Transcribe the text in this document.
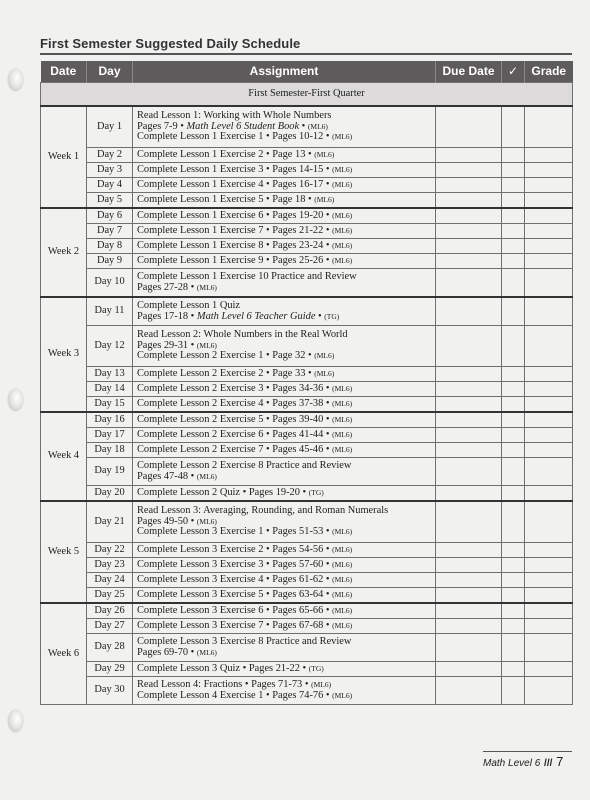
First Semester Suggested Daily Schedule
Date	Day	Assignment	Due Date	✓	Grade
First Semester-First Quarter					
Week 1	Day 1	Read Lesson 1: Working with Whole Numbers
Pages 7-9 • Math Level 6 Student Book • (ML6)
Complete Lesson 1 Exercise 1 • Pages 10-12 • (ML6)			

	Day 2	Complete Lesson 1 Exercise 2 • Page 13 • (ML6)			

	Day 3	Complete Lesson 1 Exercise 3 • Pages 14-15 • (ML6)			

	Day 4	Complete Lesson 1 Exercise 4 • Pages 16-17 • (ML6)			

	Day 5	Complete Lesson 1 Exercise 5 • Page 18 • (ML6)			

Week 2	Day 6	Complete Lesson 1 Exercise 6 • Pages 19-20 • (ML6)			

	Day 7	Complete Lesson 1 Exercise 7 • Pages 21-22 • (ML6)			

	Day 8	Complete Lesson 1 Exercise 8 • Pages 23-24 • (ML6)			

	Day 9	Complete Lesson 1 Exercise 9 • Pages 25-26 • (ML6)			

	Day 10	Complete Lesson 1 Exercise 10 Practice and Review
Pages 27-28 • (ML6)			

Week 3	Day 11	Complete Lesson 1 Quiz
Pages 17-18 • Math Level 6 Teacher Guide • (TG)			

	Day 12	Read Lesson 2: Whole Numbers in the Real World
Pages 29-31 • (ML6)
Complete Lesson 2 Exercise 1 • Page 32 • (ML6)			

	Day 13	Complete Lesson 2 Exercise 2 • Page 33 • (ML6)			

	Day 14	Complete Lesson 2 Exercise 3 • Pages 34-36 • (ML6)			

	Day 15	Complete Lesson 2 Exercise 4 • Pages 37-38 • (ML6)			

Week 4	Day 16	Complete Lesson 2 Exercise 5 • Pages 39-40 • (ML6)			

	Day 17	Complete Lesson 2 Exercise 6 • Pages 41-44 • (ML6)			

	Day 18	Complete Lesson 2 Exercise 7 • Pages 45-46 • (ML6)			

	Day 19	Complete Lesson 2 Exercise 8 Practice and Review
Pages 47-48 • (ML6)			

	Day 20	Complete Lesson 2 Quiz • Pages 19-20 • (TG)			

Week 5	Day 21	Read Lesson 3: Averaging, Rounding, and Roman Numerals
Pages 49-50 • (ML6)
Complete Lesson 3 Exercise 1 • Pages 51-53 • (ML6)			

	Day 22	Complete Lesson 3 Exercise 2 • Pages 54-56 • (ML6)			

	Day 23	Complete Lesson 3 Exercise 3 • Pages 57-60 • (ML6)			

	Day 24	Complete Lesson 3 Exercise 4 • Pages 61-62 • (ML6)			

	Day 25	Complete Lesson 3 Exercise 5 • Pages 63-64 • (ML6)			

Week 6	Day 26	Complete Lesson 3 Exercise 6 • Pages 65-66 • (ML6)			

	Day 27	Complete Lesson 3 Exercise 7 • Pages 67-68 • (ML6)			

	Day 28	Complete Lesson 3 Exercise 8 Practice and Review
Pages 69-70 • (ML6)			

	Day 29	Complete Lesson 3 Quiz • Pages 21-22 • (TG)			

	Day 30	Read Lesson 4: Fractions • Pages 71-73 • (ML6)
Complete Lesson 4 Exercise 1 • Pages 74-76 • (ML6)			

Math Level 6 /// 7
